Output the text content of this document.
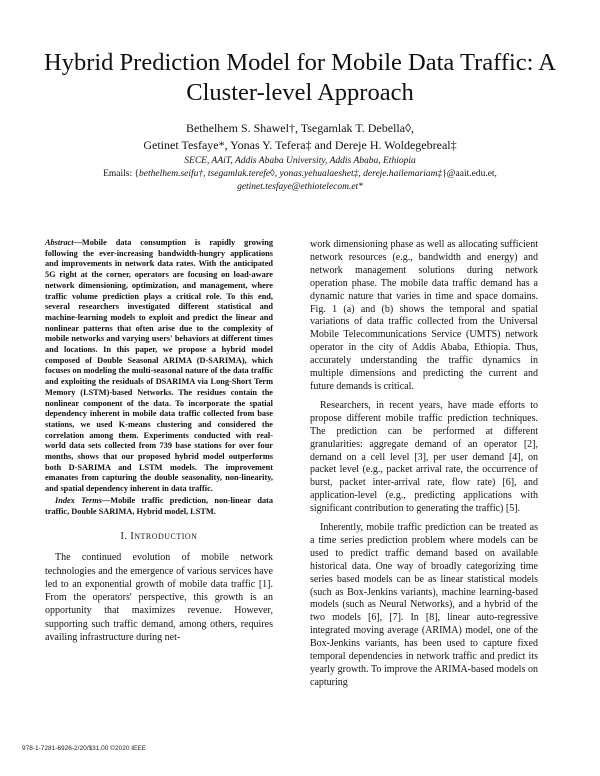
Hybrid Prediction Model for Mobile Data Traffic: A Cluster-level Approach
Bethelhem S. Shawel†, Tsegamlak T. Debella◊,
Getinet Tesfaye*, Yonas Y. Tefera‡ and Dereje H. Woldegebreal‡
SECE, AAiT, Addis Ababa University, Addis Ababa, Ethiopia
Emails: {bethelhem.seifu†, tsegamlak.terefe◊, yonas.yehualaeshet‡, dereje.hailemariam‡}@aait.edu.et,
getinet.tesfaye@ethiotelecom.et*

Abstract—Mobile data consumption is rapidly growing following the ever-increasing bandwidth-hungry applications and improvements in network data rates. With the anticipated 5G right at the corner, operators are focusing on load-aware network dimensioning, optimization, and management, where traffic volume prediction plays a critical role. To this end, several researchers investigated different statistical and machine-learning models to exploit and predict the linear and nonlinear patterns that often arise due to the complexity of mobile networks and varying users' behaviors at different times and locations. In this paper, we propose a hybrid model composed of Double Seasonal ARIMA (D-SARIMA), which focuses on modeling the multi-seasonal nature of the data traffic and exploiting the residuals of DSARIMA via Long-Short Term Memory (LSTM)-based Networks. The residues contain the nonlinear component of the data. To incorporate the spatial dependency inherent in mobile data traffic collected from base stations, we used K-means clustering and considered the correlation among them. Experiments conducted with real-world data sets collected from 739 base stations for over four months, shows that our proposed hybrid model outperforms both D-SARIMA and LSTM models. The improvement emanates from capturing the double seasonality, non-linearity, and spatial dependency inherent in data traffic.

Index Terms—Mobile traffic prediction, non-linear data traffic, Double SARIMA, Hybrid model, LSTM.

I. INTRODUCTION

The continued evolution of mobile network technologies and the emergence of various services have led to an exponential growth of mobile data traffic [1]. From the operators' perspective, this growth is an opportunity that maximizes revenue. However, supporting such traffic demand, among others, requires availing infrastructure during net-

work dimensioning phase as well as allocating sufficient network resources (e.g., bandwidth and energy) and network management solutions during network operation phase. The mobile data traffic demand has a dynamic nature that varies in time and space domains. Fig. 1 (a) and (b) shows the temporal and spatial variations of data traffic collected from the Universal Mobile Telecommunications Service (UMTS) network operator in the city of Addis Ababa, Ethiopia. Thus, accurately understanding the traffic dynamics in multiple dimensions and predicting the current and future demands is critical.

Researchers, in recent years, have made efforts to propose different mobile traffic prediction techniques. The prediction can be performed at different granularities: aggregate demand of an operator [2], demand on a cell level [3], per user demand [4], on packet level (e.g., packet arrival rate, the occurrence of burst, packet inter-arrival rate, flow rate) [6], and application-level (e.g., predicting applications with significant contribution to generating the traffic) [5].

Inherently, mobile traffic prediction can be treated as a time series prediction problem where models can be used to predict traffic demand based on available historical data. One way of broadly categorizing time series based models can be as linear statistical models (such as Box-Jenkins variants), machine learning-based models (such as Neural Networks), and a hybrid of the two models [6], [7]. In [8], linear auto-regressive integrated moving average (ARIMA) model, one of the Box-Jenkins variants, has been used to capture fixed temporal dependencies in network traffic and predict its yearly growth. To improve the ARIMA-based models on capturing

978-1-7281-6926-2/20/$31.00 ©2020 IEEE
